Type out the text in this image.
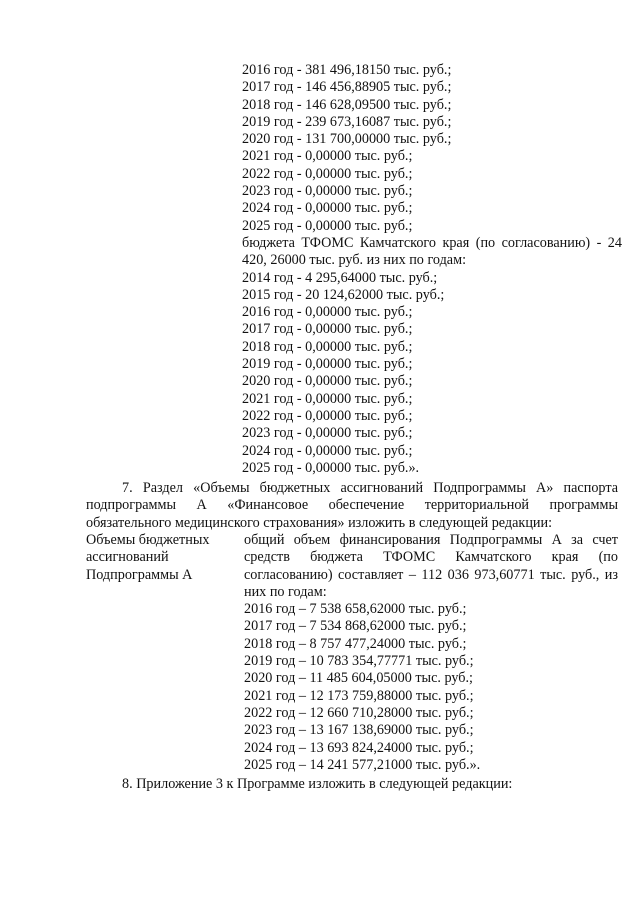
2016 год - 381 496,18150 тыс. руб.;
2017 год - 146 456,88905 тыс. руб.;
2018 год - 146 628,09500 тыс. руб.;
2019 год - 239 673,16087 тыс. руб.;
2020 год - 131 700,00000 тыс. руб.;
2021 год - 0,00000 тыс. руб.;
2022 год - 0,00000 тыс. руб.;
2023 год - 0,00000 тыс. руб.;
2024 год - 0,00000 тыс. руб.;
2025 год - 0,00000 тыс. руб.;
бюджета ТФОМС Камчатского края (по согласованию) - 24 420, 26000 тыс. руб. из них по годам:
2014 год - 4 295,64000 тыс. руб.;
2015 год - 20 124,62000 тыс. руб.;
2016 год - 0,00000 тыс. руб.;
2017 год - 0,00000 тыс. руб.;
2018 год - 0,00000 тыс. руб.;
2019 год - 0,00000 тыс. руб.;
2020 год - 0,00000 тыс. руб.;
2021 год - 0,00000 тыс. руб.;
2022 год - 0,00000 тыс. руб.;
2023 год - 0,00000 тыс. руб.;
2024 год - 0,00000 тыс. руб.;
2025 год - 0,00000 тыс. руб.».
7. Раздел «Объемы бюджетных ассигнований Подпрограммы А» паспорта подпрограммы А «Финансовое обеспечение территориальной программы обязательного медицинского страхования» изложить в следующей редакции:
Объемы бюджетных ассигнований Подпрограммы А
общий объем финансирования Подпрограммы А за счет средств бюджета ТФОМС Камчатского края (по согласованию) составляет – 112 036 973,60771 тыс. руб., из них по годам:
2016 год – 7 538 658,62000 тыс. руб.;
2017 год – 7 534 868,62000 тыс. руб.;
2018 год – 8 757 477,24000 тыс. руб.;
2019 год – 10 783 354,77771 тыс. руб.;
2020 год – 11 485 604,05000 тыс. руб.;
2021 год – 12 173 759,88000 тыс. руб.;
2022 год – 12 660 710,28000 тыс. руб.;
2023 год – 13 167 138,69000 тыс. руб.;
2024 год – 13 693 824,24000 тыс. руб.;
2025 год – 14 241 577,21000 тыс. руб.».
8. Приложение 3 к Программе изложить в следующей редакции:
